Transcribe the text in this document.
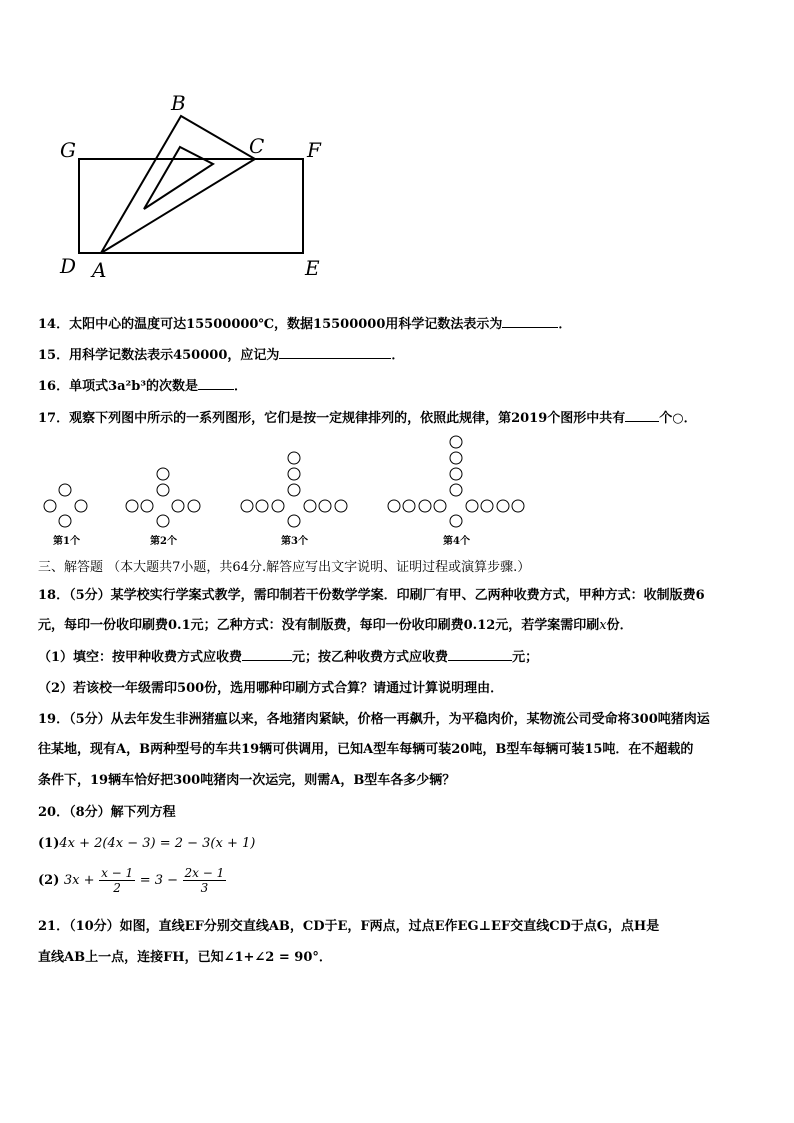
B
C F
G
D A	E
14．太阳中心的温度可达15500000℃，数据15500000用科学记数法表示为	．
15．用科学记数法表示450000，应记为	．
16．单项式3a²b³的次数是	．
17．观察下列图中所示的一系列图形，它们是按一定规律排列的，依照此规律，第2019个图形中共有	个○．
第1个	第2个	第3个	第4个
三、解答题 （本大题共7小题，共64分.解答应写出文字说明、证明过程或演算步骤.）
18．（5分）某学校实行学案式教学，需印制若干份数学学案．印刷厂有甲、乙两种收费方式，甲种方式：收制版费6
元，每印一份收印刷费0.1元；乙种方式：没有制版费，每印一份收印刷费0.12元，若学案需印刷x份．
（1）填空：按甲种收费方式应收费	元；按乙种收费方式应收费	元；
（2）若该校一年级需印500份，选用哪种印刷方式合算？请通过计算说明理由．
19．（5分）从去年发生非洲猪瘟以来，各地猪肉紧缺，价格一再飙升，为平稳肉价，某物流公司受命将300吨猪肉运
往某地，现有A，B两种型号的车共19辆可供调用，已知A型车每辆可装20吨，B型车每辆可装15吨．在不超载的
条件下，19辆车恰好把300吨猪肉一次运完，则需A，B型车各多少辆？
20．（8分）解下列方程
(1)4x + 2(4x − 3) = 2 − 3(x + 1)
(2) $3x + \frac{x - 1}{2} = 3 - \frac{2x - 1}{3}$
21．（10分）如图，直线EF分别交直线AB，CD于E，F两点，过点E作EG⊥EF交直线CD于点G，点H是
直线AB上一点，连接FH，已知∠1+∠2 = 90°．
